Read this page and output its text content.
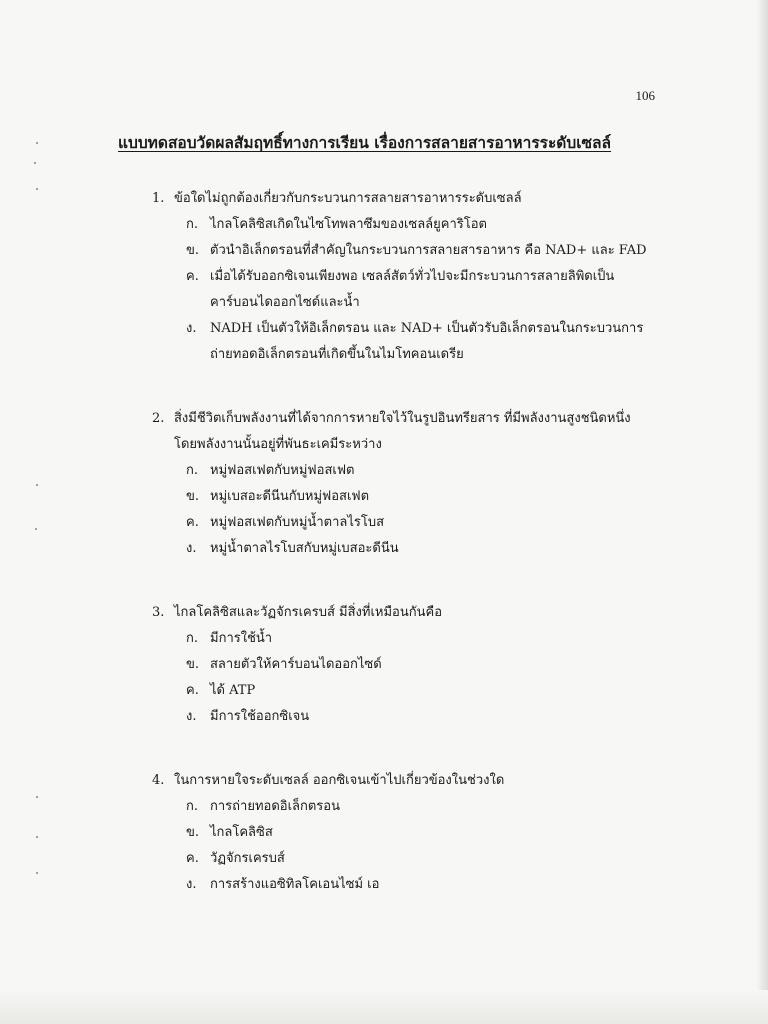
106
แบบทดสอบวัดผลสัมฤทธิ์ทางการเรียน เรื่องการสลายสารอาหารระดับเซลล์
1. ข้อใดไม่ถูกต้องเกี่ยวกับกระบวนการสลายสารอาหารระดับเซลล์
ก. ไกลโคลิซิสเกิดในไซโทพลาซึมของเซลล์ยูคาริโอต
ข. ตัวนำอิเล็กตรอนที่สำคัญในกระบวนการสลายสารอาหาร คือ NAD+ และ FAD
ค. เมื่อได้รับออกซิเจนเพียงพอ เซลล์สัตว์ทั่วไปจะมีกระบวนการสลายลิพิดเป็น คาร์บอนไดออกไซด์และน้ำ
ง.	NADH เป็นตัวให้อิเล็กตรอน และ NAD+ เป็นตัวรับอิเล็กตรอนในกระบวนการ ถ่ายทอดอิเล็กตรอนที่เกิดขึ้นในไมโทคอนเดรีย
2. สิ่งมีชีวิตเก็บพลังงานที่ได้จากการหายใจไว้ในรูปอินทรียสาร ที่มีพลังงานสูงชนิดหนึ่ง โดยพลังงานนั้นอยู่ที่พันธะเคมีระหว่าง
ก. หมู่ฟอสเฟตกับหมู่ฟอสเฟต
ข. หมู่เบสอะดีนีนกับหมู่ฟอสเฟต
ค. หมู่ฟอสเฟตกับหมู่น้ำตาลไรโบส
ง.	หมู่น้ำตาลไรโบสกับหมู่เบสอะดีนีน
3. ไกลโคลิซิสและวัฏจักรเครบส์ มีสิ่งที่เหมือนกันคือ
ก. มีการใช้น้ำ
ข. สลายตัวให้คาร์บอนไดออกไซด์
ค. ได้ ATP
ง.	มีการใช้ออกซิเจน
4. ในการหายใจระดับเซลล์ ออกซิเจนเข้าไปเกี่ยวข้องในช่วงใด
ก. การถ่ายทอดอิเล็กตรอน
ข. ไกลโคลิซิส
ค. วัฏจักรเครบส์
ง.	การสร้างแอซิทิลโคเอนไซม์ เอ
